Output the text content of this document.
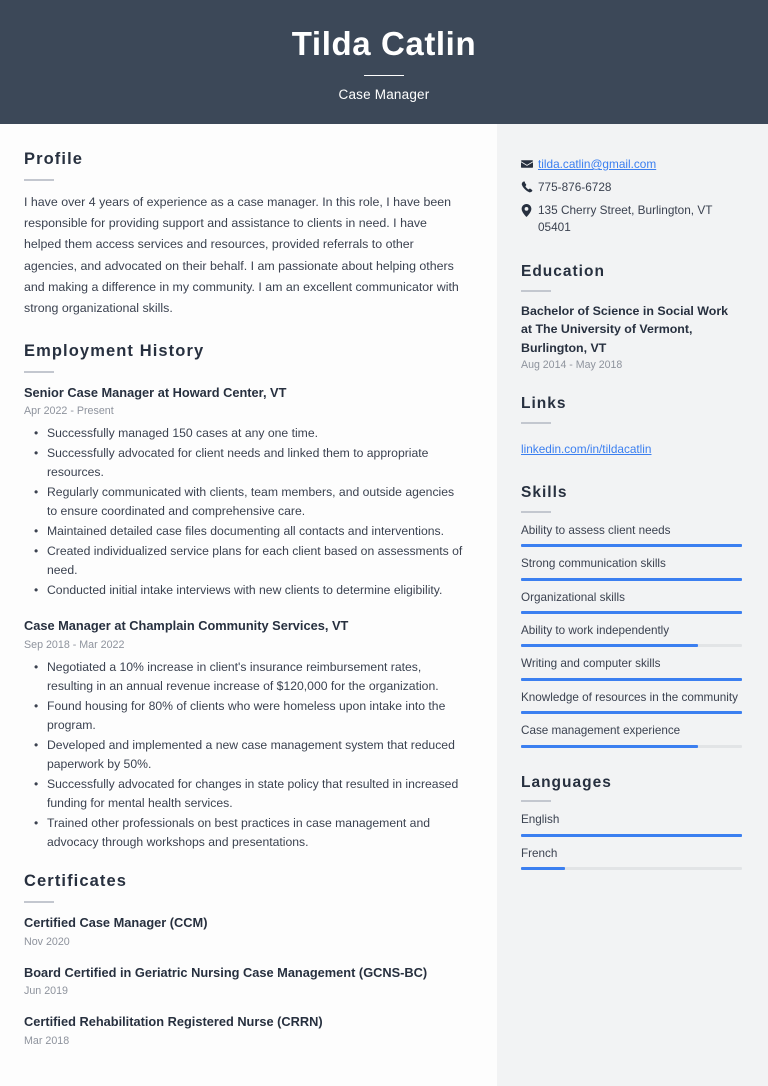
Tilda Catlin
Case Manager
Profile
I have over 4 years of experience as a case manager. In this role, I have been responsible for providing support and assistance to clients in need. I have helped them access services and resources, provided referrals to other agencies, and advocated on their behalf. I am passionate about helping others and making a difference in my community. I am an excellent communicator with strong organizational skills.
Employment History
Senior Case Manager at Howard Center, VT
Apr 2022 - Present
• Successfully managed 150 cases at any one time.
• Successfully advocated for client needs and linked them to appropriate resources.
• Regularly communicated with clients, team members, and outside agencies to ensure coordinated and comprehensive care.
• Maintained detailed case files documenting all contacts and interventions.
• Created individualized service plans for each client based on assessments of need.
• Conducted initial intake interviews with new clients to determine eligibility.
Case Manager at Champlain Community Services, VT
Sep 2018 - Mar 2022
• Negotiated a 10% increase in client's insurance reimbursement rates, resulting in an annual revenue increase of $120,000 for the organization.
• Found housing for 80% of clients who were homeless upon intake into the program.
• Developed and implemented a new case management system that reduced paperwork by 50%.
• Successfully advocated for changes in state policy that resulted in increased funding for mental health services.
• Trained other professionals on best practices in case management and advocacy through workshops and presentations.
Certificates
Certified Case Manager (CCM)
Nov 2020
Board Certified in Geriatric Nursing Case Management (GCNS-BC)
Jun 2019
Certified Rehabilitation Registered Nurse (CRRN)
Mar 2018
tilda.catlin@gmail.com
775-876-6728
135 Cherry Street, Burlington, VT 05401
Education
Bachelor of Science in Social Work at The University of Vermont, Burlington, VT
Aug 2014 - May 2018
Links
linkedin.com/in/tildacatlin
Skills
Ability to assess client needs
Strong communication skills
Organizational skills
Ability to work independently
Writing and computer skills
Knowledge of resources in the community
Case management experience
Languages
English
French
